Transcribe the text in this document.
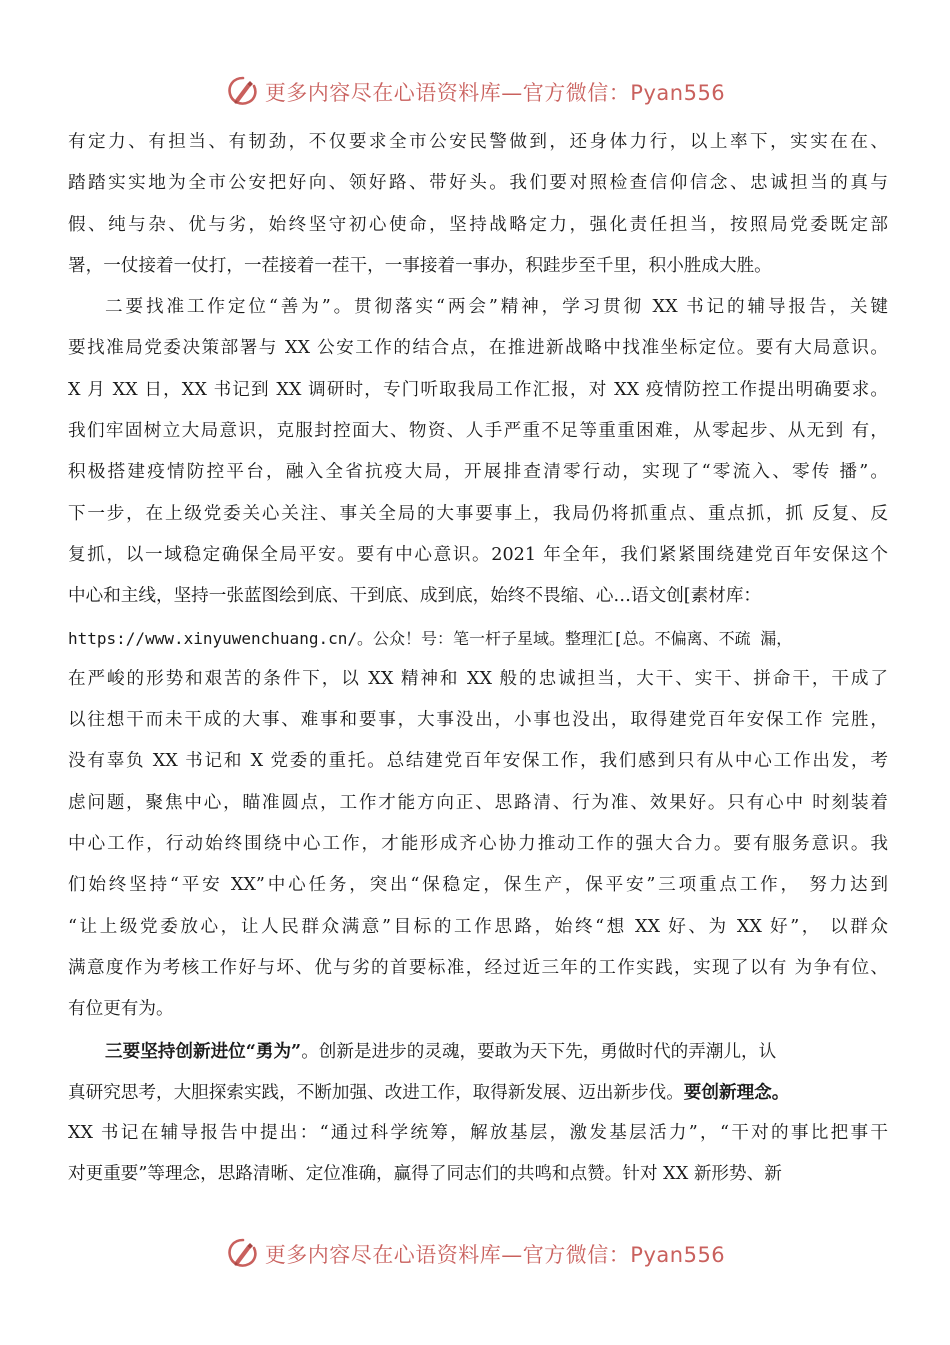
更多内容尽在心语资料库—官方微信：Pyan556
有定力、有担当、有韧劲，不仅要求全市公安民警做到，还身体力行，以上率下，实实在在、
踏踏实实地为全市公安把好向、领好路、带好头。我们要对照检查信仰信念、忠诚担当的真与
假、纯与杂、优与劣，始终坚守初心使命，坚持战略定力，强化责任担当，按照局党委既定部
署，一仗接着一仗打，一茬接着一茬干，一事接着一事办，积跬步至千里，积小胜成大胜。
二要找准工作定位“善为”。贯彻落实“两会”精神，学习贯彻 XX 书记的辅导报告，关键
要找准局党委决策部署与 XX 公安工作的结合点，在推进新战略中找准坐标定位。要有大局意识。
X 月 XX 日，XX 书记到 XX 调研时，专门听取我局工作汇报，对 XX 疫情防控工作提出明确要求。
我们牢固树立大局意识，克服封控面大、物资、人手严重不足等重重困难，从零起步、从无到 有，
积极搭建疫情防控平台，融入全省抗疫大局，开展排查清零行动，实现了“零流入、零传 播”。
下一步，在上级党委关心关注、事关全局的大事要事上，我局仍将抓重点、重点抓，抓 反复、反
复抓，以一域稳定确保全局平安。要有中心意识。2021 年全年，我们紧紧围绕建党百年安保这个
中心和主线，坚持一张蓝图绘到底、干到底、成到底，始终不畏缩、心…语文创[素材库：
https://www.xinyuwenchuang.cn/。公众！号：笔一杆子星域。整理汇[总。不偏离、不疏 漏，
在严峻的形势和艰苦的条件下，以 XX 精神和 XX 般的忠诚担当，大干、实干、拼命干，干成了
以往想干而未干成的大事、难事和要事，大事没出，小事也没出，取得建党百年安保工作 完胜，
没有辜负 XX 书记和 X 党委的重托。总结建党百年安保工作，我们感到只有从中心工作出发，考
虑问题，聚焦中心，瞄准圆点，工作才能方向正、思路清、行为准、效果好。只有心中 时刻装着
中心工作，行动始终围绕中心工作，才能形成齐心协力推动工作的强大合力。要有服务意识。我
们始终坚持“平安 XX”中心任务，突出“保稳定，保生产，保平安”三项重点工作， 努力达到
“让上级党委放心，让人民群众满意”目标的工作思路，始终“想 XX 好、为 XX 好”， 以群众
满意度作为考核工作好与坏、优与劣的首要标准，经过近三年的工作实践，实现了以有 为争有位、
有位更有为。
三要坚持创新进位“勇为”。创新是进步的灵魂，要敢为天下先，勇做时代的弄潮儿，认
真研究思考，大胆探索实践，不断加强、改进工作，取得新发展、迈出新步伐。要创新理念。
XX 书记在辅导报告中提出：“通过科学统筹，解放基层，激发基层活力”，“干对的事比把事干
对更重要”等理念，思路清晰、定位准确，赢得了同志们的共鸣和点赞。针对 XX 新形势、新
更多内容尽在心语资料库—官方微信：Pyan556
